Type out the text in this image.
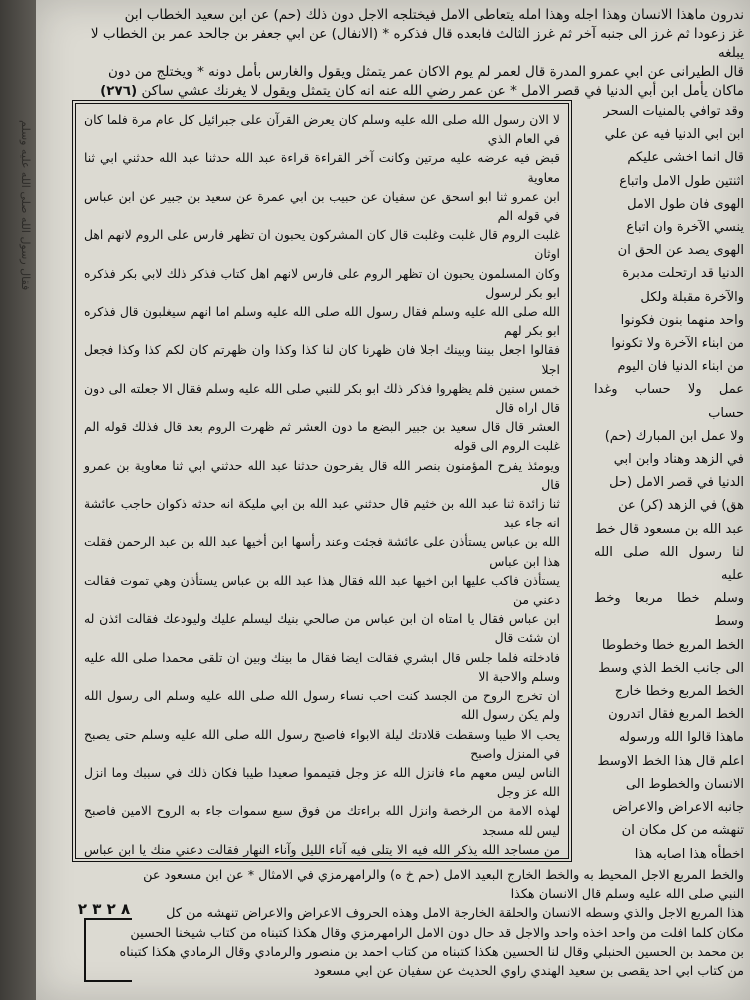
فقال رسول الله صلى الله عليه وسلم
ندرون ماهذا الانسان وهذا اجله وهذا امله يتعاطى الامل فيختلجه الاجل دون ذلك (حم) عن ابن سعيد الخطاب ابن
غز زعودا ثم غرز الى جنبه آخر ثم غرز الثالث فابعده قال فذكره * (الانفال) عن ابي جعفر بن جالحد عمر بن الخطاب لا يبلغه
قال الطيرانى عن ابي عمرو المدرة قال لعمر لم يوم الاكان عمر يتمثل ويقول والغارس بأمل دونه * ويختلج من دون
ماكان يأمل ابن أبي الدنيا في قصر الامل * عن عمر رضي الله عنه انه كان يتمثل ويقول لا يغرنك عشي ساكن (٢٧٦)

وقد توافي بالمنيات السحر

ابن ابي الدنيا فيه عن علي

قال انما اخشى عليكم

اثنتين طول الامل واتباع

الهوى فان طول الامل

ينسي الآخرة وان اتباع

الهوى يصد عن الحق ان

الدنيا قد ارتحلت مدبرة

والآخرة مقبلة ولكل

واحد منهما بنون فكونوا

من ابناء الآخرة ولا تكونوا

من ابناء الدنيا فان اليوم

عمل ولا حساب وغدا حساب

ولا عمل ابن المبارك (حم)

في الزهد وهناد وابن ابي

الدنيا في قصر الامل (حل

هق) في الزهد (كر) عن

عبد الله بن مسعود قال خط

لنا رسول الله صلى الله عليه

وسلم خطا مربعا وخط وسط

الخط المربع خطا وخطوطا

الى جانب الخط الذي وسط

الخط المربع وخطا خارج

الخط المربع فقال اتدرون

ماهذا قالوا الله ورسوله

اعلم قال هذا الخط الاوسط

الانسان والخطوط الى

جانبه الاعراض والاعراض

تنهشه من كل مكان ان

اخطأه هذا اصابه هذا

لا الان رسول الله صلى الله عليه وسلم كان يعرض القرآن على جبرائيل كل عام مرة فلما كان في العام الذي

قبض فيه عرضه عليه مرتين وكانت آخر القراءة قراءة عبد الله حدثنا عبد الله حدثني ابي ثنا معاوية

ابن عمرو ثنا ابو اسحق عن سفيان عن حبيب بن ابي عمرة عن سعيد بن جبير عن ابن عباس في قوله الم

غلبت الروم قال غلبت وغلبت قال كان المشركون يحبون ان تظهر فارس على الروم لانهم اهل اوثان

وكان المسلمون يحبون ان تظهر الروم على فارس لانهم اهل كتاب فذكر ذلك لابي بكر فذكره ابو بكر لرسول

الله صلى الله عليه وسلم فقال رسول الله صلى الله عليه وسلم اما انهم سيغلبون قال فذكره ابو بكر لهم

فقالوا اجعل بيننا وبينك اجلا فان ظهرنا كان لنا كذا وكذا وان ظهرتم كان لكم كذا وكذا فجعل اجلا

خمس سنين فلم يظهروا فذكر ذلك ابو بكر للنبي صلى الله عليه وسلم فقال الا جعلته الى دون قال اراه قال

العشر قال قال سعيد بن جبير البضع ما دون العشر ثم ظهرت الروم بعد قال فذلك قوله الم غلبت الروم الى قوله

ويومئذ يفرح المؤمنون بنصر الله قال يفرحون حدثنا عبد الله حدثني ابي ثنا معاوية بن عمرو قال

ثنا زائدة ثنا عبد الله بن خثيم قال حدثني عبد الله بن ابي مليكة انه حدثه ذكوان حاجب عائشة انه جاء عبد

الله بن عباس يستأذن على عائشة فجئت وعند رأسها ابن أخيها عبد الله بن عبد الرحمن فقلت هذا ابن عباس

يستأذن فاكب عليها ابن اخيها عبد الله فقال هذا عبد الله بن عباس يستأذن وهي تموت فقالت دعني من

ابن عباس فقال يا امتاه ان ابن عباس من صالحي بنيك ليسلم عليك وليودعك فقالت ائذن له ان شئت قال

فادخلته فلما جلس قال ابشري فقالت ايضا فقال ما بينك وبين ان تلقى محمدا صلى الله عليه وسلم والاحبة الا

ان تخرج الروح من الجسد كنت احب نساء رسول الله صلى الله عليه وسلم الى رسول الله ولم يكن رسول الله

يحب الا طيبا وسقطت قلادتك ليلة الابواء فاصبح رسول الله صلى الله عليه وسلم حتى يصبح في المنزل واصبح

الناس ليس معهم ماء فانزل الله عز وجل فتيمموا صعيدا طيبا فكان ذلك في سببك وما انزل الله عز وجل

لهذه الامة من الرخصة وانزل الله براءتك من فوق سبع سموات جاء به الروح الامين فاصبح ليس لله مسجد

من مساجد الله يذكر الله فيه الا يتلى فيه آناء الليل وآناء النهار فقالت دعني منك يا ابن عباس

والخط المربع الاجل المحيط به والخط الخارج البعيد الامل (حم خ ه) والرامهرمزي في الامثال * عن ابن مسعود عن

النبي صلى الله عليه وسلم قال الانسان هكذا

هذا المربع الاجل والذي وسطه الانسان والحلقة الخارجة الامل وهذه الحروف الاعراض والاعراض تنهشه من كل

مكان كلما افلت من واحد اخذه واحد والاجل قد حال دون الامل الرامهرمزي وقال هكذا كتبناه من كتاب شيخنا الحسين

بن محمد بن الحسين الحنبلي وقال لنا الحسين هكذا كتبناه من كتاب احمد بن منصور والرمادي وقال الرمادي هكذا كتبناه

من كتاب ابي احد يقصى بن سعيد الهندي راوي الحديث عن سفيان عن ابي مسعود

٨ ٢ ٣ ٢
